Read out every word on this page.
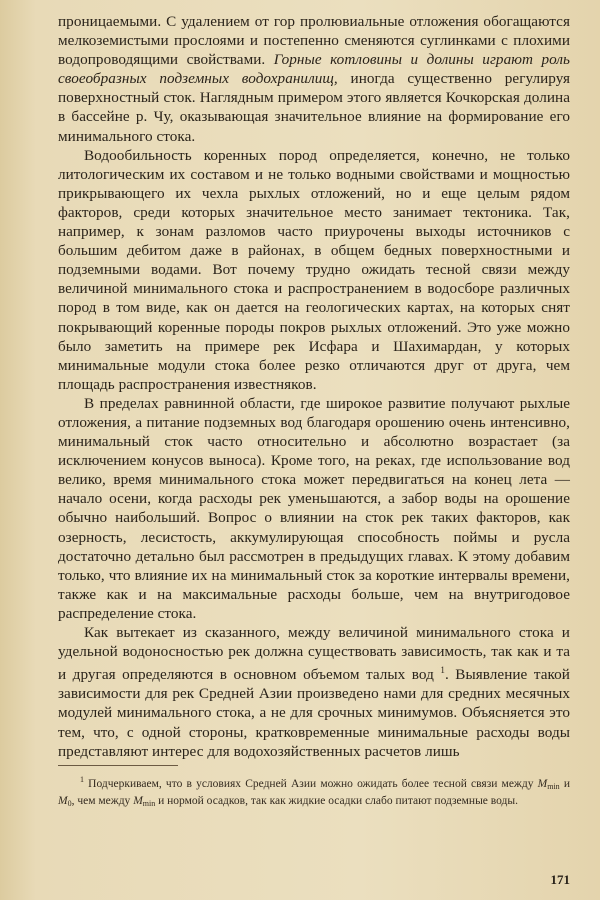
проницаемыми. С удалением от гор пролювиальные отложения обогащаются мелкоземистыми прослоями и постепенно сменяются суглинками с плохими водопроводящими свойствами. Горные котловины и долины играют роль своеобразных подземных водохранилищ, иногда существенно регулируя поверхностный сток. Наглядным примером этого является Кочкорская долина в бассейне р. Чу, оказывающая значительное влияние на формирование его минимального стока.

Водообильность коренных пород определяется, конечно, не только литологическим их составом и не только водными свойствами и мощностью прикрывающего их чехла рыхлых отложений, но и еще целым рядом факторов, среди которых значительное место занимает тектоника. Так, например, к зонам разломов часто приурочены выходы источников с большим дебитом даже в районах, в общем бедных поверхностными и подземными водами. Вот почему трудно ожидать тесной связи между величиной минимального стока и распространением в водосборе различных пород в том виде, как он дается на геологических картах, на которых снят покрывающий коренные породы покров рыхлых отложений. Это уже можно было заметить на примере рек Исфара и Шахимардан, у которых минимальные модули стока более резко отличаются друг от друга, чем площадь распространения известняков.

В пределах равнинной области, где широкое развитие получают рыхлые отложения, а питание подземных вод благодаря орошению очень интенсивно, минимальный сток часто относительно и абсолютно возрастает (за исключением конусов выноса). Кроме того, на реках, где использование вод велико, время минимального стока может передвигаться на конец лета — начало осени, когда расходы рек уменьшаются, а забор воды на орошение обычно наибольший. Вопрос о влиянии на сток рек таких факторов, как озерность, лесистость, аккумулирующая способность поймы и русла достаточно детально был рассмотрен в предыдущих главах. К этому добавим только, что влияние их на минимальный сток за короткие интервалы времени, также как и на максимальные расходы больше, чем на внутригодовое распределение стока.

Как вытекает из сказанного, между величиной минимального стока и удельной водоносностью рек должна существовать зависимость, так как и та и другая определяются в основном объемом талых вод $^1$. Выявление такой зависимости для рек Средней Азии произведено нами для средних месячных модулей минимального стока, а не для срочных минимумов. Объясняется это тем, что, с одной стороны, кратковременные минимальные расходы воды представляют интерес для водохозяйственных расчетов лишь

$^1$ Подчеркиваем, что в условиях Средней Азии можно ожидать более тесной связи между $M_{min}$ и $M_0$, чем между $M_{min}$ и нормой осадков, так как жидкие осадки слабо питают подземные воды.

171
